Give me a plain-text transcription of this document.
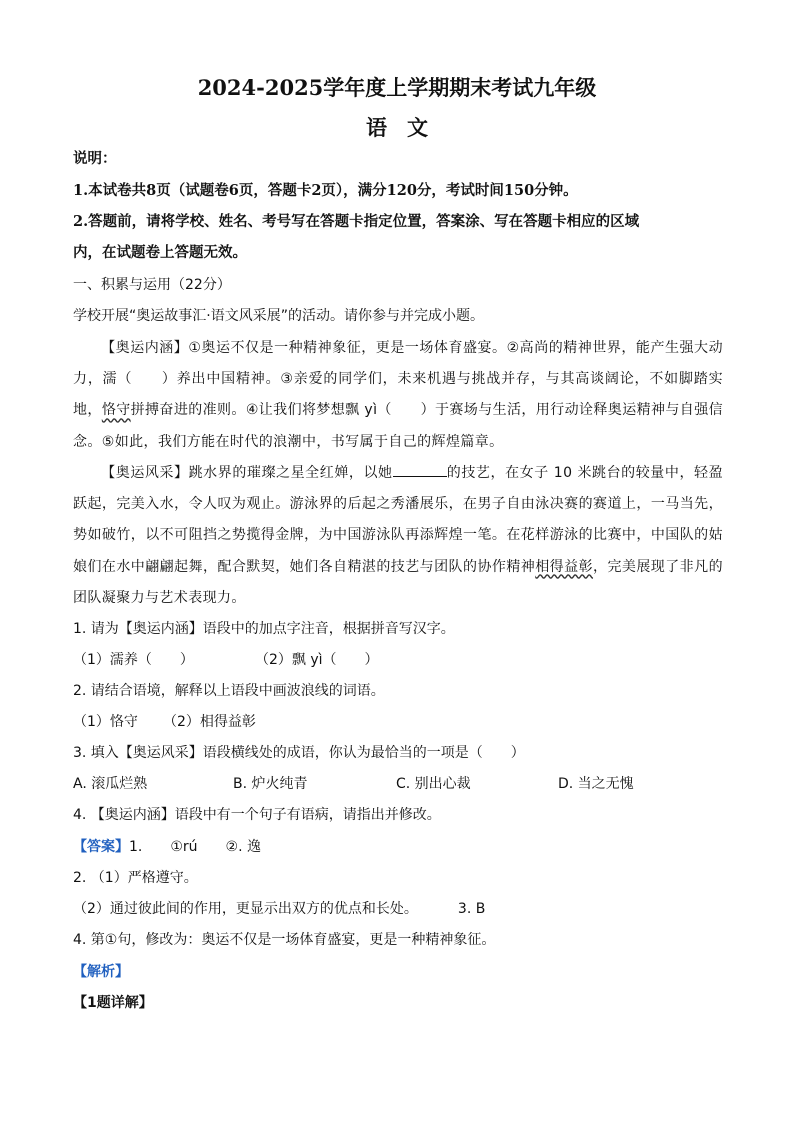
2024-2025学年度上学期期末考试九年级
语文
说明：
1.本试卷共8页（试题卷6页，答题卡2页），满分120分，考试时间150分钟。
2.答题前，请将学校、姓名、考号写在答题卡指定位置，答案涂、写在答题卡相应的区域
内，在试题卷上答题无效。
一、积累与运用（22分）
学校开展“奥运故事汇·语文风采展”的活动。请你参与并完成小题。
【奥运内涵】①奥运不仅是一种精神象征，更是一场体育盛宴。②高尚的精神世界，能产生强大动力，濡（　　）养出中国精神。③亲爱的同学们，未来机遇与挑战并存，与其高谈阔论，不如脚踏实地，恪守拼搏奋进的准则。④让我们将梦想飘 yì（　　）于赛场与生活，用行动诠释奥运精神与自强信念。⑤如此，我们方能在时代的浪潮中，书写属于自己的辉煌篇章。
【奥运风采】跳水界的璀璨之星全红婵，以她	的技艺，在女子 10 米跳台的较量中，轻盈跃起，完美入水，令人叹为观止。游泳界的后起之秀潘展乐，在男子自由泳决赛的赛道上，一马当先，势如破竹，以不可阻挡之势揽得金牌，为中国游泳队再添辉煌一笔。在花样游泳的比赛中，中国队的姑娘们在水中翩翩起舞，配合默契，她们各自精湛的技艺与团队的协作精神相得益彰，完美展现了非凡的团队凝聚力与艺术表现力。
1. 请为【奥运内涵】语段中的加点字注音，根据拼音写汉字。
（1）濡养（　　）	（2）飘 yì（　　）
2. 请结合语境，解释以上语段中画波浪线的词语。
（1）恪守 （2）相得益彰
3. 填入【奥运风采】语段横线处的成语，你认为最恰当的一项是（　　）
A. 滚瓜烂熟	B. 炉火纯青	C. 别出心裁	D. 当之无愧
4. 【奥运内涵】语段中有一个句子有语病，请指出并修改。
【答案】1.　　①rú　　②. 逸
2. （1）严格遵守。
（2）通过彼此间的作用，更显示出双方的优点和长处。	3. B
4. 第①句，修改为：奥运不仅是一场体育盛宴，更是一种精神象征。
【解析】
【1题详解】
